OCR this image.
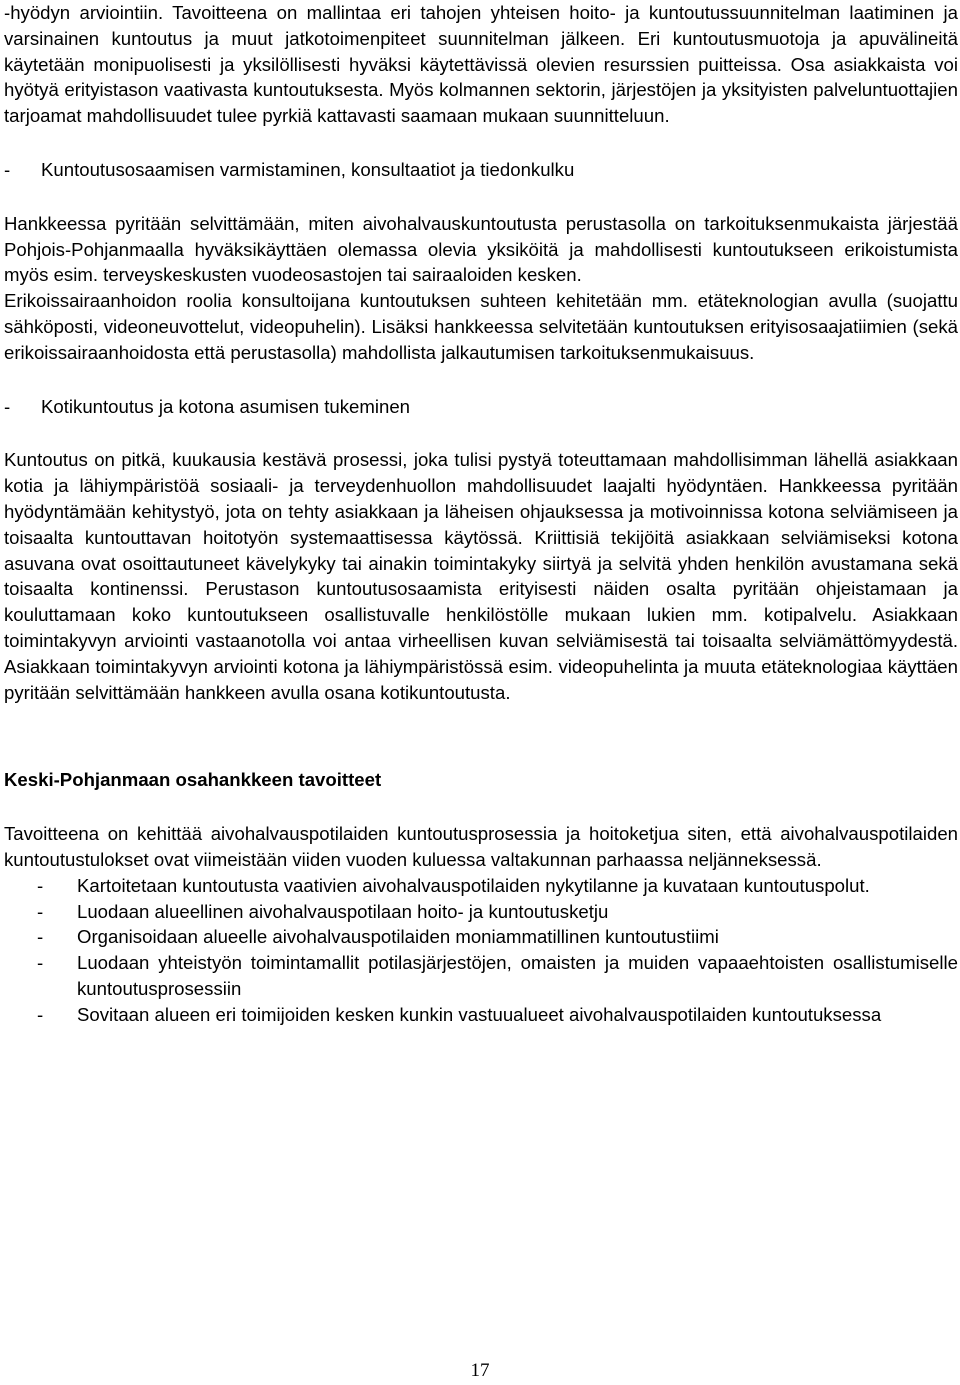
-hyödyn arviointiin. Tavoitteena on mallintaa eri tahojen yhteisen hoito- ja kuntoutussuunnitelman laatiminen ja varsinainen kuntoutus ja muut jatkotoimenpiteet suunnitelman jälkeen. Eri kuntoutusmuotoja ja apuvälineitä käytetään monipuolisesti ja yksilöllisesti hyväksi käytettävissä olevien resurssien puitteissa. Osa asiakkaista voi hyötyä erityistason vaativasta kuntoutuksesta. Myös kolmannen sektorin, järjestöjen ja yksityisten palveluntuottajien tarjoamat mahdollisuudet tulee pyrkiä kattavasti saamaan mukaan suunnitteluun.

-	Kuntoutusosaamisen varmistaminen, konsultaatiot ja tiedonkulku

Hankkeessa pyritään selvittämään, miten aivohalvauskuntoutusta perustasolla on tarkoituksenmukaista järjestää Pohjois-Pohjanmaalla hyväksikäyttäen olemassa olevia yksiköitä ja mahdollisesti kuntoutukseen erikoistumista myös esim. terveyskeskusten vuodeosastojen tai sairaaloiden kesken.

Erikoissairaanhoidon roolia konsultoijana kuntoutuksen suhteen kehitetään mm. etäteknologian avulla (suojattu sähköposti, videoneuvottelut, videopuhelin). Lisäksi hankkeessa selvitetään kuntoutuksen erityisosaajatiimien (sekä erikoissairaanhoidosta että perustasolla) mahdollista jalkautumisen tarkoituksenmukaisuus.

-	Kotikuntoutus ja kotona asumisen tukeminen

Kuntoutus on pitkä, kuukausia kestävä prosessi, joka tulisi pystyä toteuttamaan mahdollisimman lähellä asiakkaan kotia ja lähiympäristöä sosiaali- ja terveydenhuollon mahdollisuudet laajalti hyödyntäen. Hankkeessa pyritään hyödyntämään kehitystyö, jota on tehty asiakkaan ja läheisen ohjauksessa ja motivoinnissa kotona selviämiseen ja toisaalta kuntouttavan hoitotyön systemaattisessa käytössä. Kriittisiä tekijöitä asiakkaan selviämiseksi kotona asuvana ovat osoittautuneet kävelykyky tai ainakin toimintakyky siirtyä ja selvitä yhden henkilön avustamana sekä toisaalta kontinenssi. Perustason kuntoutusosaamista erityisesti näiden osalta pyritään ohjeistamaan ja kouluttamaan koko kuntoutukseen osallistuvalle henkilöstölle mukaan lukien mm. kotipalvelu. Asiakkaan toimintakyvyn arviointi vastaanotolla voi antaa virheellisen kuvan selviämisestä tai toisaalta selviämättömyydestä. Asiakkaan toimintakyvyn arviointi kotona ja lähiympäristössä esim. videopuhelinta ja muuta etäteknologiaa käyttäen pyritään selvittämään hankkeen avulla osana kotikuntoutusta.

Keski-Pohjanmaan osahankkeen tavoitteet

Tavoitteena on kehittää aivohalvauspotilaiden kuntoutusprosessia ja hoitoketjua siten, että aivohalvauspotilaiden kuntoutustulokset ovat viimeistään viiden vuoden kuluessa valtakunnan parhaassa neljänneksessä.

-	Kartoitetaan kuntoutusta vaativien aivohalvauspotilaiden nykytilanne ja kuvataan kuntoutuspolut.
-	Luodaan alueellinen aivohalvauspotilaan hoito- ja kuntoutusketju
-	Organisoidaan alueelle aivohalvauspotilaiden moniammatillinen kuntoutustiimi
-	Luodaan yhteistyön toimintamallit potilasjärjestöjen, omaisten ja muiden vapaaehtoisten osallistumiselle kuntoutusprosessiin
-	Sovitaan alueen eri toimijoiden kesken kunkin vastuualueet aivohalvauspotilaiden kuntoutuksessa
17
